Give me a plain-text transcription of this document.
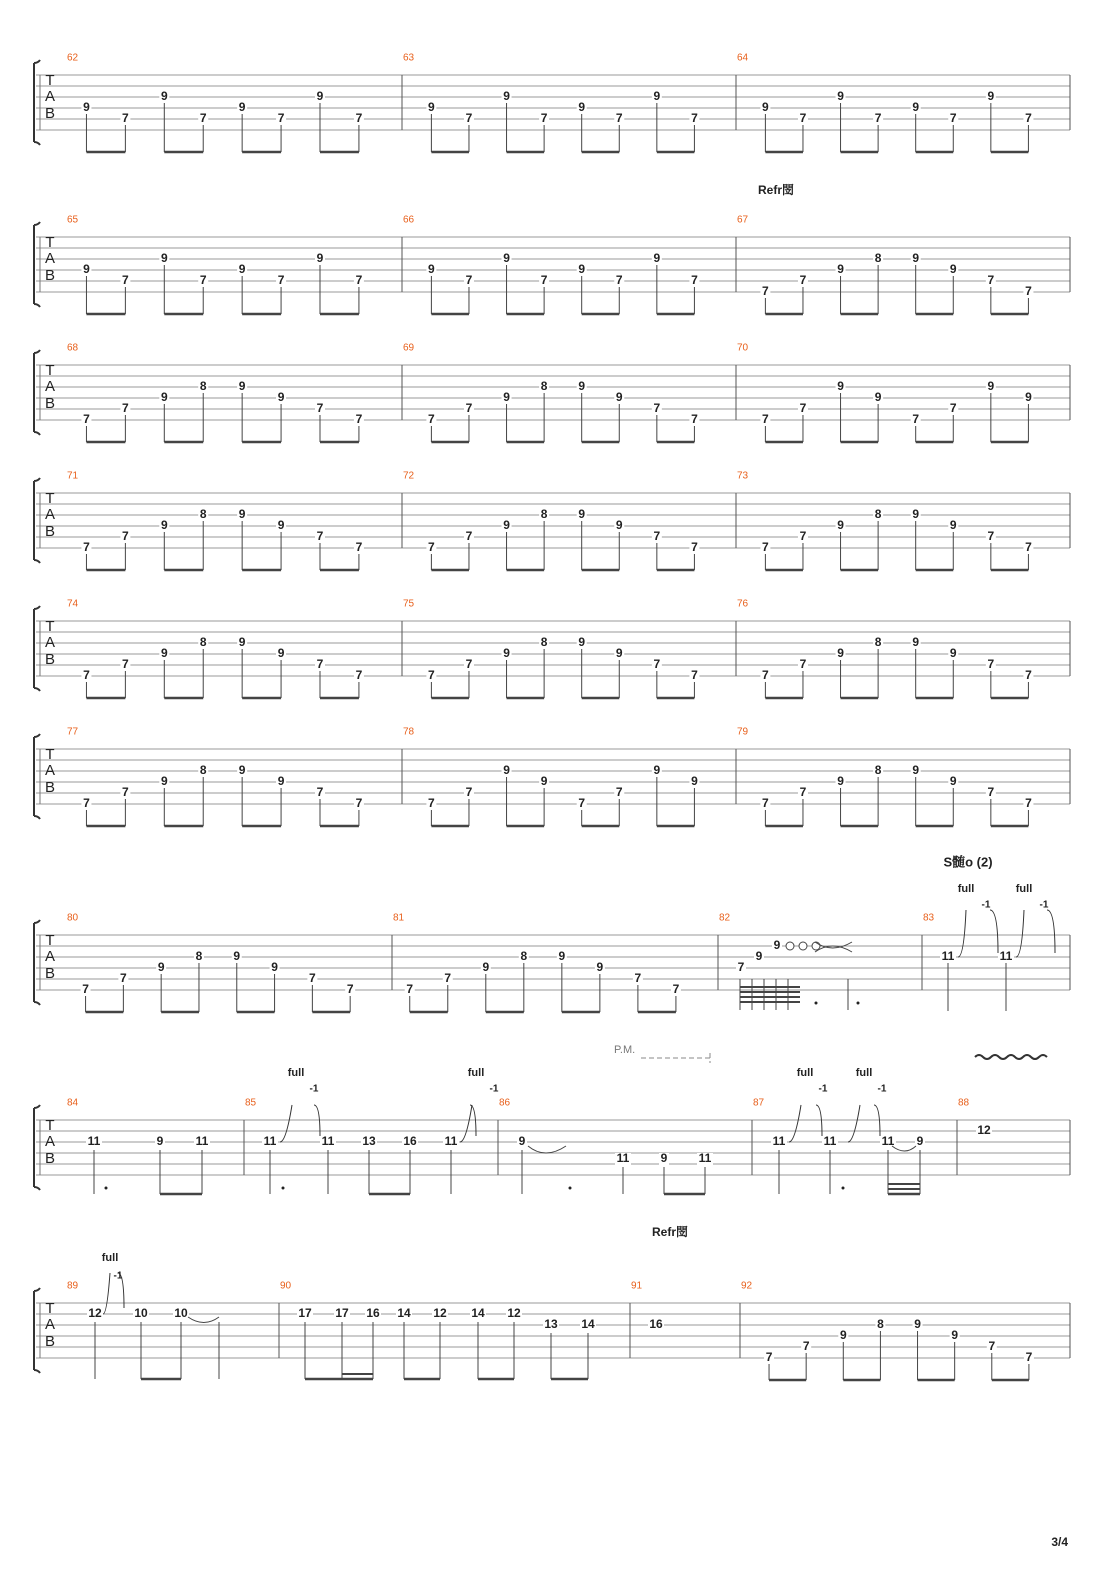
T
A
B
62
9
7
9
7
9
7
9
7
63
9
7
9
7
9
7
9
7
64
9
7
9
7
9
7
9
7
T
A
B
65
9
7
9
7
9
7
9
7
66
9
7
9
7
9
7
9
7
67
7
7
9
8	9
9
7
7
T
A
B
68
7
7
9
8	9
9
7
7
69
7
7
9
8	9
9
7
7
70
7
7
9
9
7
7
9
9
T
A
B
71
7
7
9
8	9
9
7
7
72
7
7
9
8	9
9
7
7
73
7
7
9
8	9
9
7
7
T
A
B
74
7
7
9
8	9
9
7
7
75
7
7
9
8	9
9
7
7
76
7
7
9
8	9
9
7
7
T
A
B
77
7
7
9
8	9
9
7
7
78
7
7
9
9
7
7
9
9
79
7
7
9
8	9
9
7
7
Refr閚
T
A
B
80	81	82	83
7
7
9
8	9
9
7
7	7
7
9
8	9
9
7
7
7
9
9
11	11
full
-1
full
-1
S髄o (2)
T
A
B
84	85	86	87	88
11	9	11	11	11 13 16 11	9
11	9	11
11	11	11 9
12
full
-1
full
-1
full
-1
full
-1
P.M.
T
A
B
89	90	91	92
12	10 10
full
-1
17 17 16 14 12 14 12
13 14	16
7
7
9
8	9
9
7
7
Refr閚
3/4
